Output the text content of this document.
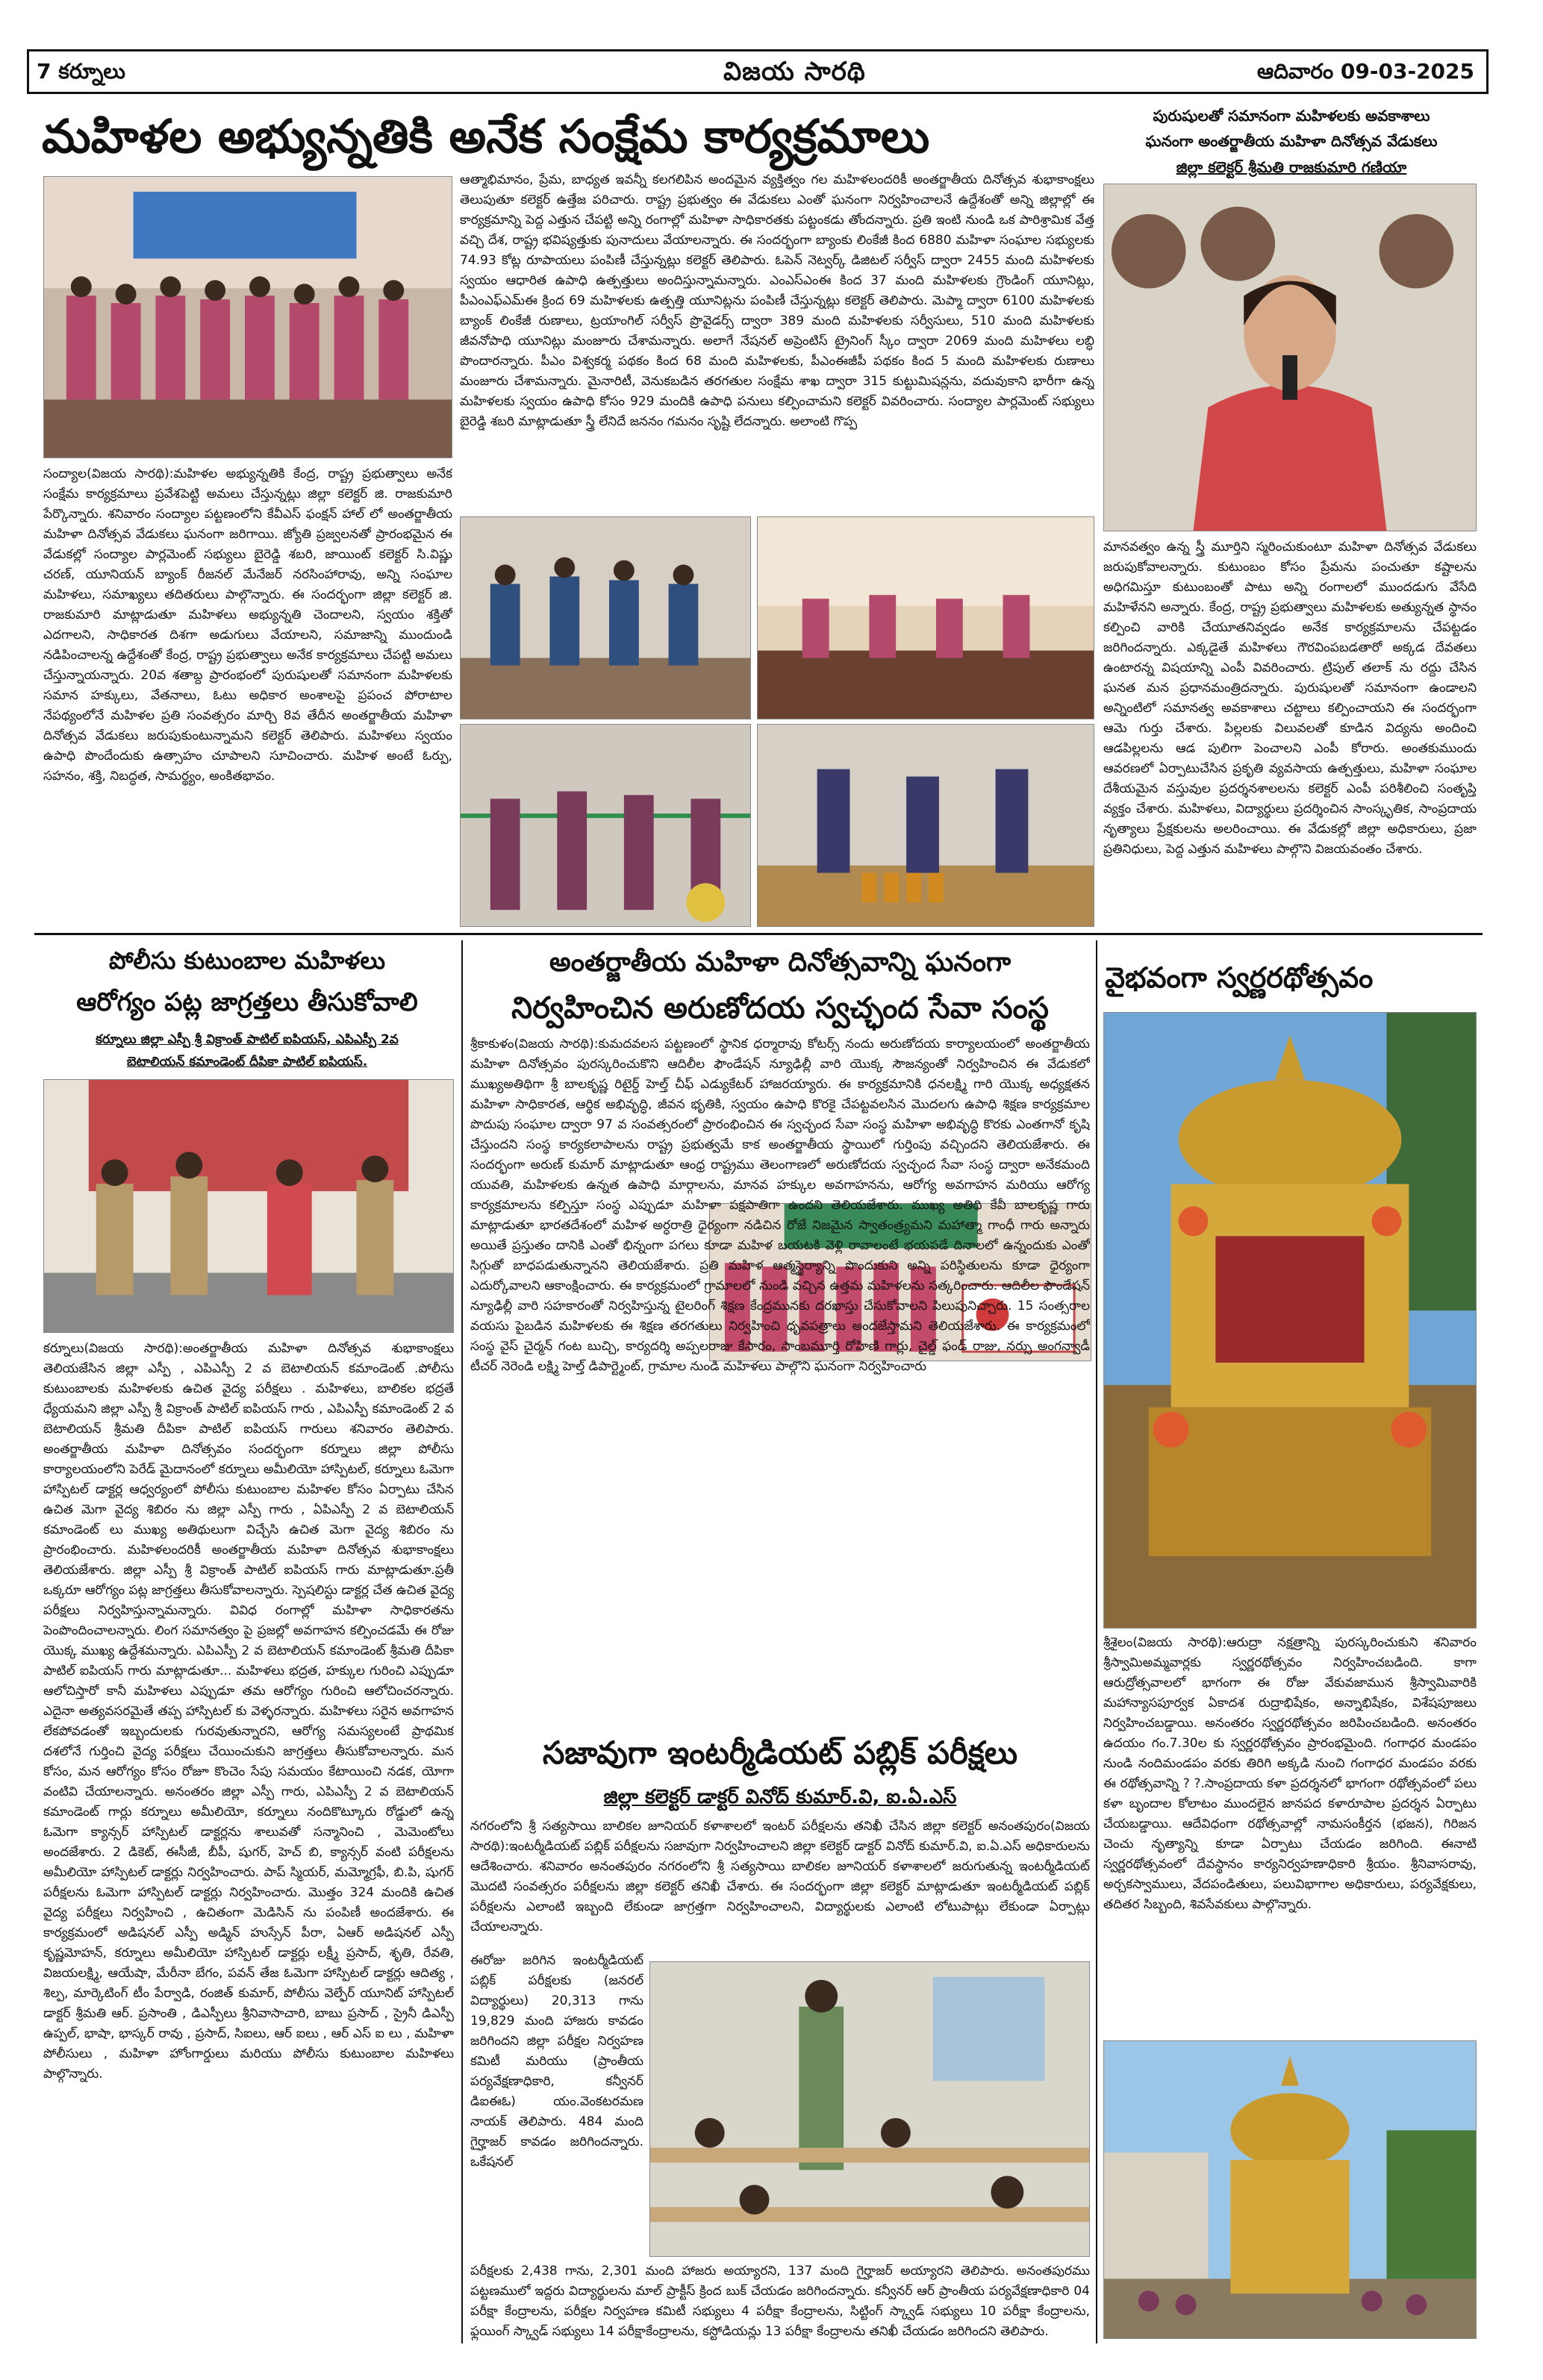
7 కర్నూలు	విజయ సారథి	ఆదివారం 09-03-2025
మహిళల అభ్యున్నతికి అనేక సంక్షేమ కార్యక్రమాలు	పురుషులతో సమానంగా మహిళలకు అవకాశాలు
ఘనంగా అంతర్జాతీయ మహిళా దినోత్సవ వేడుకలు
జిల్లా కలెక్టర్ శ్రీమతి రాజకుమారి గణియా
సంద్యాల(విజయ సారథి):మహిళల అభ్యున్నతికి కేంద్ర, రాష్ట్ర ప్రభుత్వాలు అనేక సంక్షేమ కార్యక్రమాలు ప్రవేశపెట్టి అమలు చేస్తున్నట్లు జిల్లా కలెక్టర్ జి. రాజకుమారి పేర్కొన్నారు. శనివారం సంద్యాల పట్టణంలోని కేవీఎస్ ఫంక్షన్ హాల్ లో అంతర్జాతీయ మహిళా దినోత్సవ వేడుకలు ఘనంగా జరిగాయి. జ్యోతి ప్రజ్వలనతో ప్రారంభమైన ఈ వేడుకల్లో సంద్యాల పార్లమెంట్ సభ్యులు బైరెడ్డి శబరి, జాయింట్ కలెక్టర్ సి.విష్ణు చరణ్, యూనియన్ బ్యాంక్ రీజనల్ మేనేజర్ నరసింహారావు, అన్ని సంఘాల మహిళలు, సమాఖ్యలు తదితరులు పాల్గొన్నారు. ఈ సందర్భంగా జిల్లా కలెక్టర్ జి. రాజకుమారి మాట్లాడుతూ మహిళలు అభ్యున్నతి చెందాలని, స్వయం శక్తితో ఎదగాలని, సాధికారత దిశగా అడుగులు వేయాలని, సమాజాన్ని ముందుండి నడిపించాలన్న ఉద్దేశంతో కేంద్ర, రాష్ట్ర ప్రభుత్వాలు అనేక కార్యక్రమాలు చేపట్టి అమలు చేస్తున్నాయన్నారు. 20వ శతాబ్ద ప్రారంభంలో పురుషులతో సమానంగా మహిళలకు సమాన హక్కులు, వేతనాలు, ఓటు అధికార అంశాలపై ప్రపంచ పోరాటాల నేపథ్యంలోనే మహిళల ప్రతి సంవత్సరం మార్చి 8వ తేదీన అంతర్జాతీయ మహిళా దినోత్సవ వేడుకలు జరుపుకుంటున్నామని కలెక్టర్ తెలిపారు. మహిళలు స్వయం ఉపాధి పొందేందుకు ఉత్సాహం చూపాలని సూచించారు. మహిళ అంటే ఓర్పు, సహనం, శక్తి, నిబద్ధత, సామర్థ్యం, అంకితభావం.
ఆత్మాభిమానం, ప్రేమ, బాధ్యత ఇవన్నీ కలగలిపిన అందమైన వ్యక్తిత్వం గల మహిళలందరికీ అంతర్జాతీయ దినోత్సవ శుభాకాంక్షలు తెలుపుతూ కలెక్టర్ ఉత్తేజ పరిచారు. రాష్ట్ర ప్రభుత్వం ఈ వేడుకలు ఎంతో ఘనంగా నిర్వహించాలనే ఉద్దేశంతో అన్ని జిల్లాల్లో ఈ కార్యక్రమాన్ని పెద్ద ఎత్తున చేపట్టి అన్ని రంగాల్లో మహిళా సాధికారతకు పట్టంకడు తోందన్నారు. ప్రతి ఇంటి నుండి ఒక పారిశ్రామిక వేత్త వచ్చి దేశ, రాష్ట్ర భవిష్యత్తుకు పునాదులు వేయాలన్నారు. ఈ సందర్భంగా బ్యాంకు లింకేజీ కింద 6880 మహిళా సంఘాల సభ్యులకు 74.93 కోట్ల రూపాయలు పంపిణీ చేస్తున్నట్లు కలెక్టర్ తెలిపారు. ఓపెన్ నెట్వర్క్ డిజిటల్ సర్వీస్ ద్వారా 2455 మంది మహిళలకు స్వయం ఆధారిత ఉపాధి ఉత్పత్తులు అందిస్తున్నామన్నారు. ఎంఎస్ఎంఈ కింద 37 మంది మహిళలకు గ్రౌండింగ్ యూనిట్లు, పీఎంఎఫ్ఎమ్ఈ క్రింద 69 మహిళలకు ఉత్పత్తి యూనిట్లను పంపిణీ చేస్తున్నట్లు కలెక్టర్ తెలిపారు. మెప్మా ద్వారా 6100 మహిళలకు బ్యాంక్ లింకేజీ రుణాలు, ట్రయాంగిల్ సర్వీస్ ప్రొవైడర్స్ ద్వారా 389 మంది మహిళలకు సర్వీసులు, 510 మంది మహిళలకు జీవనోపాధి యూనిట్లు మంజూరు చేశామన్నారు. అలాగే నేషనల్ అప్రెంటిస్ ట్రైనింగ్ స్కీం ద్వారా 2069 మంది మహిళలు లబ్ధి పొందారన్నారు. పీఎం విశ్వకర్మ పథకం కింద 68 మంది మహిళలకు, పీఎంఈజీపీ పథకం కింద 5 మంది మహిళలకు రుణాలు మంజూరు చేశామన్నారు. మైనారిటీ, వెనుకబడిన తరగతుల సంక్షేమ శాఖ ద్వారా 315 కుట్టుమిషన్లను, వదువుకాని భారీగా ఉన్న మహిళలకు స్వయం ఉపాధి కోసం 929 మందికి ఉపాధి పనులు కల్పించామని కలెక్టర్ వివరించారు. సంద్యాల పార్లమెంట్ సభ్యులు బైరెడ్డి శబరి మాట్లాడుతూ స్త్రీ లేనిదే జననం గమనం సృష్టి లేదన్నారు. అలాంటి గొప్ప
మానవత్వం ఉన్న స్త్రీ మూర్తిని స్మరించుకుంటూ మహిళా దినోత్సవ వేడుకలు జరుపుకోవాలన్నారు. కుటుంబం కోసం ప్రేమను పంచుతూ కష్టాలను అధిగమిస్తూ కుటుంబంతో పాటు అన్ని రంగాలలో ముందడుగు వేసేది మహిళేనని అన్నారు. కేంద్ర, రాష్ట్ర ప్రభుత్వాలు మహిళలకు అత్యున్నత స్థానం కల్పించి వారికి చేయూతనివ్వడం అనేక కార్యక్రమాలను చేపట్టడం జరిగిందన్నారు. ఎక్కడైతే మహిళలు గౌరవింపబడతారో అక్కడ దేవతలు ఉంటారన్న విషయాన్ని ఎంపీ వివరించారు. ట్రిపుల్ తలాక్ ను రద్దు చేసిన ఘనత మన ప్రధానమంత్రిదన్నారు. పురుషులతో సమానంగా ఉండాలని అన్నింటిలో సమానత్వ అవకాశాలు చట్టాలు కల్పించాయని ఈ సందర్భంగా ఆమె గుర్తు చేశారు. పిల్లలకు విలువలతో కూడిన విద్యను అందించి ఆడపిల్లలను ఆడ పులిగా పెంచాలని ఎంపీ కోరారు. అంతకుముందు ఆవరణలో ఏర్పాటుచేసిన ప్రకృతి వ్యవసాయ ఉత్పత్తులు, మహిళా సంఘాల దేశీయమైన వస్తువుల ప్రదర్శనశాలలను కలెక్టర్ ఎంపీ పరిశీలించి సంతృప్తి వ్యక్తం చేశారు. మహిళలు, విద్యార్థులు ప్రదర్శించిన సాంస్కృతిక, సాంప్రదాయ నృత్యాలు ప్రేక్షకులను అలరించాయి. ఈ వేడుకల్లో జిల్లా అధికారులు, ప్రజా ప్రతినిధులు, పెద్ద ఎత్తున మహిళలు పాల్గొని విజయవంతం చేశారు.
పోలీసు కుటుంబాల మహిళలు
ఆరోగ్యం పట్ల జాగ్రత్తలు తీసుకోవాలి
కర్నూలు జిల్లా ఎస్పీ శ్రీ విక్రాంత్ పాటిల్ ఐపియస్, ఎపిఎస్పీ 2వ
బెటాలియన్ కమాండెంట్ దీపికా పాటిల్ ఐపియస్.
కర్నూలు(విజయ సారథి):అంతర్జాతీయ మహిళా దినోత్సవ శుభాకాంక్షలు తెలియజేసిన జిల్లా ఎస్పీ , ఎపిఎస్పీ 2 వ బెటాలియన్ కమాండెంట్ .పోలీసు కుటుంబాలకు మహిళలకు ఉచిత వైద్య పరీక్షలు . మహిళలు, బాలికల భద్రతే ధ్యేయమని జిల్లా ఎస్పీ శ్రీ విక్రాంత్ పాటిల్ ఐపియస్ గారు , ఎపిఎస్పీ కమాండెంట్ 2 వ బెటాలియన్ శ్రీమతి దీపికా పాటిల్ ఐపియస్ గారులు శనివారం తెలిపారు. అంతర్జాతీయ మహిళా దినోత్సవం సందర్భంగా కర్నూలు జిల్లా పోలీసు కార్యాలయంలోని పెరేడ్ మైదానంలో కర్నూలు అమీలియో హాస్పిటల్, కర్నూలు ఓమెగా హాస్పిటల్ డాక్టర్ల ఆధ్వర్యంలో పోలీసు కుటుంబాల మహిళల కోసం ఏర్పాటు చేసిన ఉచిత మెగా వైద్య శిబిరం ను జిల్లా ఎస్పీ గారు , ఏపిఎస్పీ 2 వ బెటాలియన్ కమాండెంట్ లు ముఖ్య అతిథులుగా విచ్చేసి ఉచిత మెగా వైద్య శిబిరం ను ప్రారంభించారు. మహిళలందరికీ అంతర్జాతీయ మహిళా దినోత్సవ శుభాకాంక్షలు తెలియజేశారు. జిల్లా ఎస్పీ శ్రీ విక్రాంత్ పాటిల్ ఐపియస్ గారు మాట్లాడుతూ.ప్రతీ ఒక్కరూ ఆరోగ్యం పట్ల జాగ్రత్తలు తీసుకోవాలన్నారు. స్పెషలిస్టు డాక్టర్ల చేత ఉచిత వైద్య పరీక్షలు నిర్వహిస్తున్నామన్నారు. వివిధ రంగాల్లో మహిళా సాధికారతను పెంపొందించాలన్నారు. లింగ సమానత్వం పై ప్రజల్లో అవగాహన కల్పించడమే ఈ రోజు యొక్క ముఖ్య ఉద్దేశమన్నారు. ఎపిఎస్పీ 2 వ బెటాలియన్ కమాండెంట్ శ్రీమతి దీపికా పాటిల్ ఐపియస్ గారు మాట్లాడుతూ... మహిళలు భద్రత, హక్కుల గురించి ఎప్పుడూ ఆలోచిస్తారో కానీ మహిళలు ఎప్పుడూ తమ ఆరోగ్యం గురించి ఆలోచించరన్నారు. ఎదైనా అత్యవసరమైతే తప్ప హాస్పిటల్ కు వెళ్ళరన్నారు. మహిళలు సరైన అవగాహన లేకపోవడంతో ఇబ్బందులకు గురవుతున్నారని, ఆరోగ్య సమస్యలంటే ప్రాథమిక దశలోనే గుర్తించి వైద్య పరీక్షలు చేయించుకుని జాగ్రత్తలు తీసుకోవాలన్నారు. మన కోసం, మన ఆరోగ్యం కోసం రోజూ కొంచెం సేపు సమయం కేటాయించి నడక, యోగా వంటివి చేయాలన్నారు. అనంతరం జిల్లా ఎస్పీ గారు, ఎపిఎస్పీ 2 వ బెటాలియన్ కమాండెంట్ గార్లు కర్నూలు అమీలియో, కర్నూలు నందికొట్కూరు రోడ్డులో ఉన్న ఓమెగా క్యాన్సర్ హాస్పిటల్ డాక్టర్లను శాలువతో సన్మానించి , మెమెంటోలు అందజేశారు. 2 డికెట్, ఈసీజీ, బీపీ, షుగర్, హెచ్ బి, క్యాన్సర్ వంటి పరీక్షలను అమీలియో హాస్పిటల్ డాక్టర్లు నిర్వహించారు. పాప్ స్మియర్, మమ్మోగ్రఫీ, బి.పి, షుగర్ పరీక్షలను ఓమెగా హాస్పిటల్ డాక్టర్లు నిర్వహించారు. మొత్తం 324 మందికి ఉచిత వైద్య పరీక్షలు నిర్వహించి , ఉచితంగా మెడిసిన్ ను పంపిణీ అందజేశారు. ఈ కార్యక్రమంలో అడిషనల్ ఎస్పీ అడ్మిన్ హుస్సేన్ పీరా, ఏఆర్ అడిషనల్ ఎస్పీ కృష్ణమోహన్, కర్నూలు అమీలియో హాస్పిటల్ డాక్టర్లు లక్ష్మీ ప్రసాద్, శృతి, రేవతి, విజయలక్ష్మి, ఆయేషా, మేరీనా బేగం, పవన్ తేజ ఓమెగా హాస్పిటల్ డాక్టర్లు ఆదిత్య , శిల్ప, మార్కెటింగ్ టీం పేర్వాడి, రంజిత్ కుమార్, పోలీసు వెల్ఫేర్ యూనిట్ హాస్పిటల్ డాక్టర్ శ్రీమతి ఆర్. ప్రసాంతి , డిఎస్పీలు శ్రీనివాసాచారి, బాబు ప్రసాద్ , స్రైనీ డిఎస్పీ ఉప్పల్, భాషా, భాస్కర్ రావు , ప్రసాద్, సిఐలు, ఆర్ ఐలు , ఆర్ ఎస్ ఐ లు , మహిళా పోలీసులు , మహిళా హోంగార్డులు మరియు పోలీసు కుటుంబాల మహిళలు పాల్గొన్నారు.
అంతర్జాతీయ మహిళా దినోత్సవాన్ని ఘనంగా
నిర్వహించిన అరుణోదయ స్వచ్ఛంద సేవా సంస్థ
శ్రీకాకుళం(విజయ సారథి):కుమదవలస పట్టణంలో స్థానిక ధర్మారావు కోటర్స్ నందు అరుణోదయ కార్యాలయంలో అంతర్జాతీయ మహిళా దినోత్సవం పురస్కరించుకొని ఆదిలీల ఫౌండేషన్ న్యూఢిల్లీ వారి యొక్క సౌజన్యంతో నిర్వహించిన ఈ వేడుకలో ముఖ్యఅతిథిగా శ్రీ బాలకృష్ణ రిటైర్డ్ హెల్త్ చీఫ్ ఎడ్యుకేటర్ హాజరయ్యారు. ఈ కార్యక్రమానికి ధనలక్ష్మి గారి యొక్క అధ్యక్షతన మహిళా సాధికారత, ఆర్థిక అభివృద్ధి, జీవన భృతికి, స్వయం ఉపాధి కొరకై చేపట్టవలసిన మొదలగు ఉపాధి శిక్షణ కార్యక్రమాల పొదుపు సంఘాల ద్వారా 97 వ సంవత్సరంలో ప్రారంభించిన ఈ స్వచ్ఛంద సేవా సంస్థ మహిళా అభివృద్ధి కొరకు ఎంతగానో కృషి చేస్తుందని సంస్థ కార్యకలాపాలను రాష్ట్ర ప్రభుత్వమే కాక అంతర్జాతీయ స్థాయిలో గుర్తింపు వచ్చిందని తెలియజేశారు. ఈ సందర్భంగా అరుణ్ కుమార్ మాట్లాడుతూ ఆంధ్ర రాష్ట్రము తెలంగాణలో అరుణోదయ స్వచ్ఛంద సేవా సంస్థ ద్వారా అనేకమంది యువతి, మహిళలకు ఉన్నత ఉపాధి మార్గాలను, మానవ హక్కుల అవగాహనను, ఆరోగ్య అవగాహన మరియు ఆరోగ్య కార్యక్రమాలను కల్పిస్తూ సంస్థ ఎప్పుడూ మహిళా పక్షపాతిగా ఉందని తెలియజేశారు. ముఖ్య అతిథి కేవీ బాలకృష్ణ గారు మాట్లాడుతూ భారతదేశంలో మహిళ అర్ధరాత్రి ధైర్యంగా నడిచిన రోజే నిజమైన స్వాతంత్ర్యమని మహాత్మా గాంధీ గారు అన్నారు అయితే ప్రస్తుతం దానికి ఎంతో భిన్నంగా పగలు కూడా మహిళ బయటకి వెళ్లి రావాలంటే భయపడే దినాలలో ఉన్నందుకు ఎంతో సిగ్గుతో బాధపడుతున్నానని తెలియజేశారు. ప్రతి మహిళ ఆత్మస్థైర్యాన్ని పొందుకుని అన్ని పరిస్థితులను కూడా ధైర్యంగా ఎదుర్కోవాలని ఆకాంక్షించారు. ఈ కార్యక్రమంలో గ్రామాలలో నుండి వచ్చిన ఉత్తమ మహిళలను సత్కరించారు. ఆదిలీల ఫౌండేషన్ న్యూఢిల్లీ వారి సహకారంతో నిర్వహిస్తున్న టైలరింగ్ శిక్షణ కేంద్రమునకు దరఖాస్తు చేసుకోవాలని పిలుపునిచ్చారు. 15 సంత్సరాల వయసు పైబడిన మహిళలకు ఈ శిక్షణ తరగతులు నిర్వహించి ధృవపత్రాలు అందజేస్తామని తెలియజేశారు. ఈ కార్యక్రమంలో సంస్థ వైస్ చైర్మన్ గంట బుచ్చి, కార్యదర్శి అప్పలరాజు కేసారం, సాంబమూర్తి రోహిణి గార్లు, చైల్డ్ ఫండ్ రాజు, నర్సు అంగన్వాడీ టీచర్ నెరెండి లక్ష్మి హెల్త్ డిపార్ట్మెంట్, గ్రామాల నుండి మహిళలు పాల్గొని ఘనంగా నిర్వహించారు
సజావుగా ఇంటర్మీడియట్ పబ్లిక్ పరీక్షలు
జిల్లా కలెక్టర్ డాక్టర్ వినోద్ కుమార్.వి, ఐ.ఏ.ఎస్
నగరంలోని శ్రీ సత్యసాయి బాలికల జూనియర్ కళాశాలలో ఇంటర్ పరీక్షలను తనిఖీ చేసిన జిల్లా కలెక్టర్ అనంతపురం(విజయ సారథి):ఇంటర్మీడియట్ పబ్లిక్ పరీక్షలను సజావుగా నిర్వహించాలని జిల్లా కలెక్టర్ డాక్టర్ వినోద్ కుమార్.వి, ఐ.ఏ.ఎస్ అధికారులను ఆదేశించారు. శనివారం అనంతపురం నగరంలోని శ్రీ సత్యసాయి బాలికల జూనియర్ కళాశాలలో జరుగుతున్న ఇంటర్మీడియట్ మొదటి సంవత్సరం పరీక్షలను జిల్లా కలెక్టర్ తనిఖీ చేశారు. ఈ సందర్భంగా జిల్లా కలెక్టర్ మాట్లాడుతూ ఇంటర్మీడియట్ పబ్లిక్ పరీక్షలను ఎలాంటి ఇబ్బంది లేకుండా జాగ్రత్తగా నిర్వహించాలని, విద్యార్థులకు ఎలాంటి లోటుపాట్లు లేకుండా ఏర్పాట్లు చేయాలన్నారు.
ఈరోజు జరిగిన ఇంటర్మీడియట్ పబ్లిక్ పరీక్షలకు (జనరల్ విద్యార్థులు) 20,313 గాను 19,829 మంది హాజరు కావడం జరిగిందని జిల్లా పరీక్షల నిర్వహణ కమిటీ మరియు (ప్రాంతీయ పర్యవేక్షణాధికారి, కన్వీనర్ డిఐఈఓ) యం.వెంకటరమణ నాయక్ తెలిపారు. 484 మంది గైర్హాజర్ కావడం జరిగిందన్నారు. ఒకేషనల్
పరీక్షలకు 2,438 గాను, 2,301 మంది హాజరు అయ్యారని, 137 మంది గైర్హాజర్ అయ్యారని తెలిపారు. అనంతపురము పట్టణములో ఇద్దరు విద్యార్థులను మాల్ ప్రాక్టీస్ క్రింద బుక్ చేయడం జరిగిందన్నారు. కన్వీనర్ ఆర్ ప్రాంతీయ పర్యవేక్షణాధికారి 04 పరీక్షా కేంద్రాలను, పరీక్షల నిర్వహణ కమిటీ సభ్యులు 4 పరీక్షా కేంద్రాలను, సిట్టింగ్ స్క్వాడ్ సభ్యులు 10 పరీక్షా కేంద్రాలను, ఫ్లయింగ్ స్క్వాడ్ సభ్యులు 14 పరీక్షాకేంద్రాలను, కస్టోడియన్లు 13 పరీక్షా కేంద్రాలను తనిఖీ చేయడం జరిగిందని తెలిపారు.
వైభవంగా స్వర్ణరథోత్సవం
శ్రీశైలం(విజయ సారథి):ఆరుద్రా నక్షత్రాన్ని పురస్కరించుకుని శనివారం శ్రీస్వామిఅమ్మవార్లకు స్వర్ణరథోత్సవం నిర్వహించబడింది. కాగా ఆరుద్రోత్సవాలలో భాగంగా ఈ రోజు వేకువజామున శ్రీస్వామివారికి మహాన్యాసపూర్వక ఏకాదశ రుద్రాభిషేకం, అన్నాభిషేకం, విశేషపూజలు నిర్వహించబడ్డాయి. అనంతరం స్వర్ణరథోత్సవం జరిపించబడింది. అనంతరం ఉదయం గం.7.30ల కు స్వర్ణరథోత్సవం ప్రారంభమైంది. గంగాధర మండపం నుండి నందిమండపం వరకు తిరిగి అక్కడి నుంచి గంగాధర మండపం వరకు ఈ రథోత్సవాన్ని ? ?.సాంప్రదాయ కళా ప్రదర్శనలో భాగంగా రథోత్సవంలో పలు కళా బృందాల కోలాటం ముందలైన జానపద కళారూపాల ప్రదర్శన ఏర్పాటు చేయబడ్డాయి. ఆదేవిధంగా రథోత్సవాల్లో నామసంకీర్తన (భజన), గిరిజన చెంచు నృత్యాన్ని కూడా ఏర్పాటు చేయడం జరిగింది. ఈనాటి స్వర్ణరథోత్సవంలో దేవస్థానం కార్యనిర్వహణాధికారి శ్రీయం. శ్రీనివాసరావు, అర్చకస్వాములు, వేదపండితులు, పలువిభాగాల అధికారులు, పర్యవేక్షకులు, తదితర సిబ్బంది, శివసేవకులు పాల్గొన్నారు.
